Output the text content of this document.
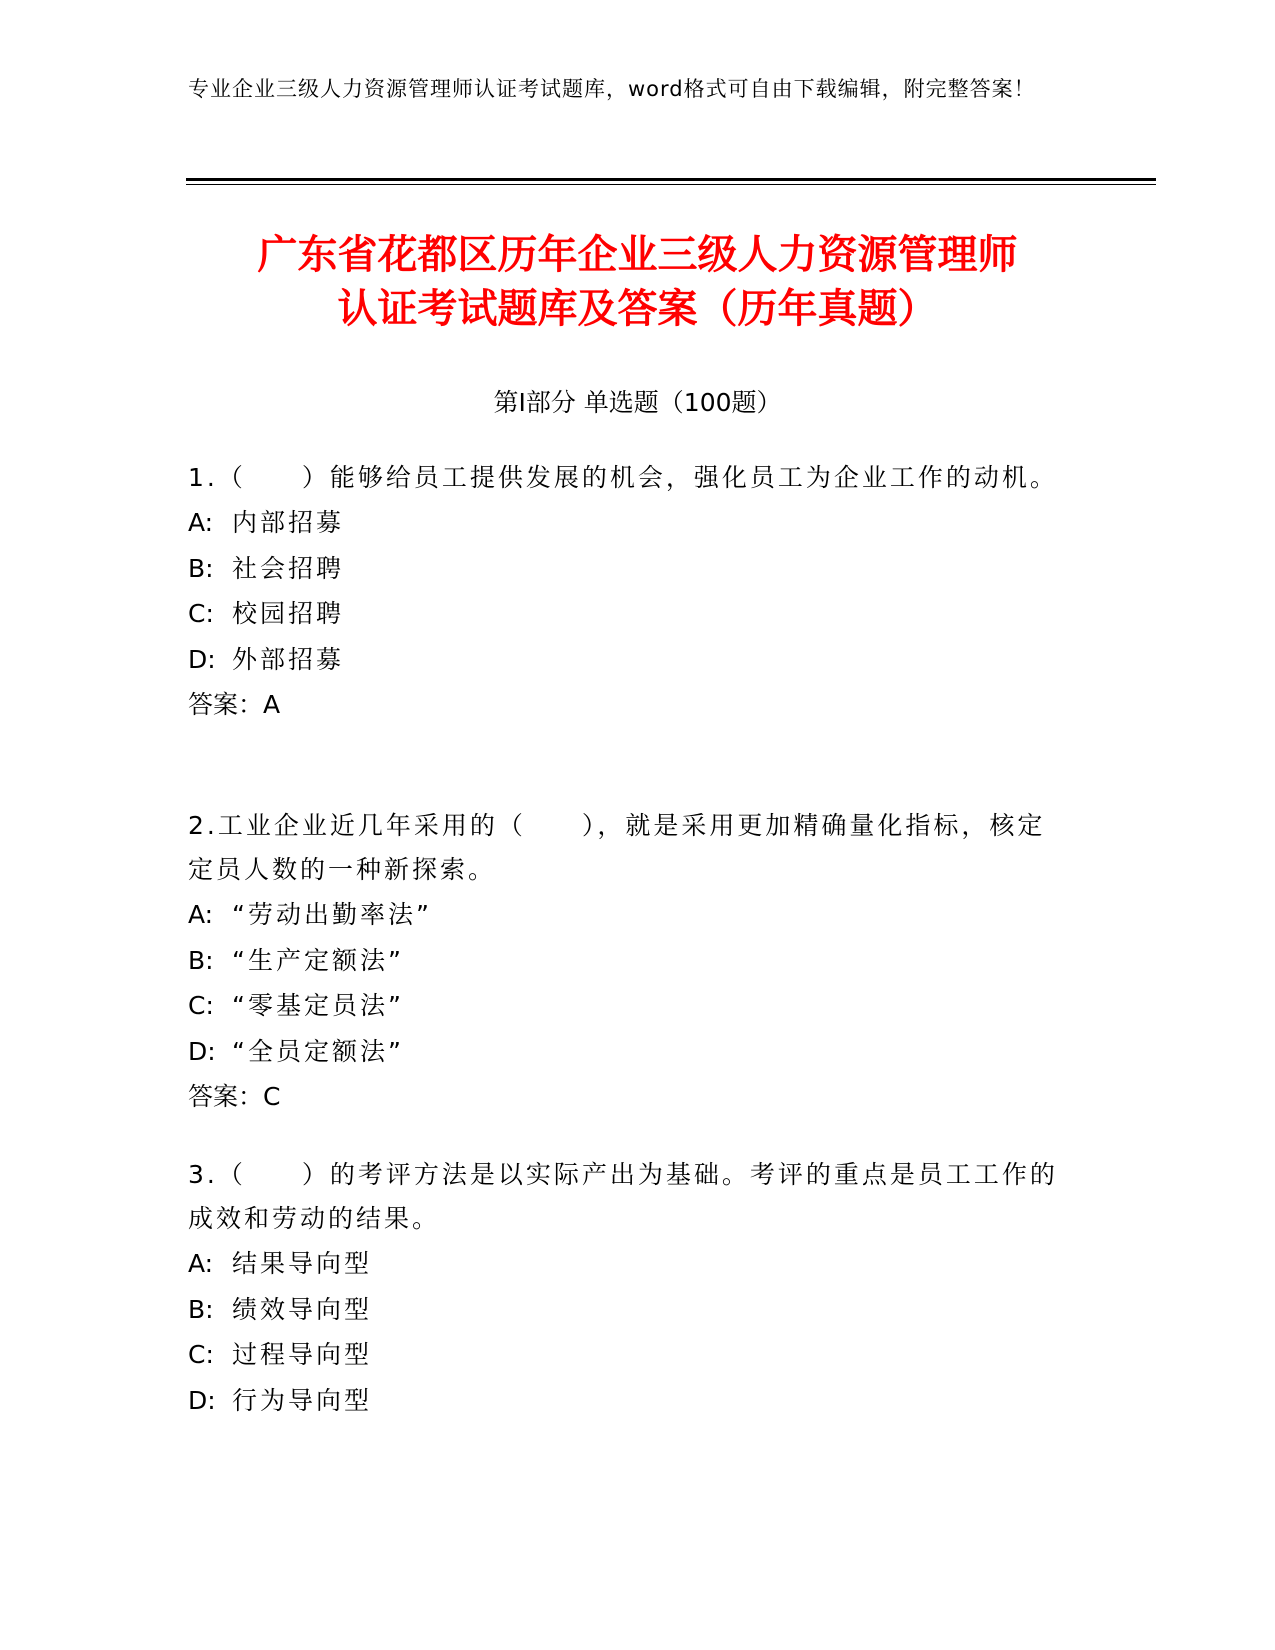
专业企业三级人力资源管理师认证考试题库，word格式可自由下载编辑，附完整答案！
广东省花都区历年企业三级人力资源管理师
认证考试题库及答案（历年真题）
第I部分 单选题（100题）

1.（　　）能够给员工提供发展的机会，强化员工为企业工作的动机。

A: 内部招募

B: 社会招聘

C: 校园招聘

D: 外部招募

答案：A

2.工业企业近几年采用的（　　），就是采用更加精确量化指标，核定定员人数的一种新探索。

A: “劳动出勤率法”

B: “生产定额法”

C: “零基定员法”

D: “全员定额法”

答案：C

3.（　　）的考评方法是以实际产出为基础。考评的重点是员工工作的成效和劳动的结果。

A: 结果导向型

B: 绩效导向型

C: 过程导向型

D: 行为导向型
